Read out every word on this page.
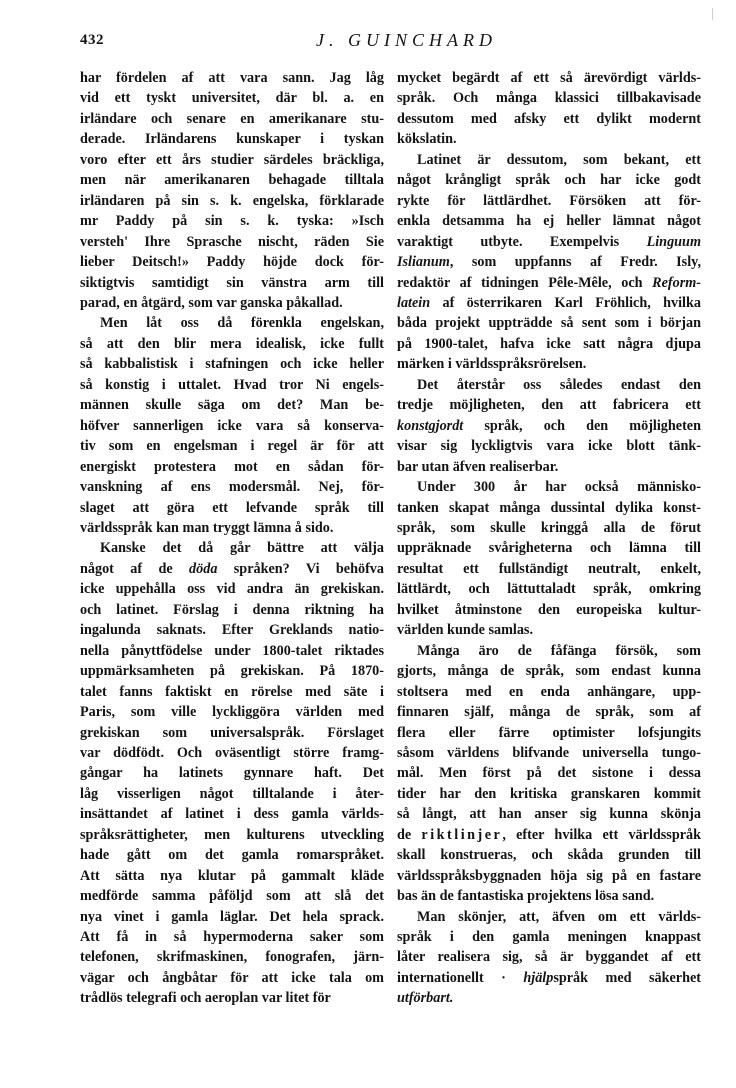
432	J. GUINCHARD

har fördelen af att vara sann. Jag låg
vid ett tyskt universitet, där bl. a. en
irländare och senare en amerikanare stu-
derade. Irländarens kunskaper i tyskan
voro efter ett års studier särdeles bräckliga,
men när amerikanaren behagade tilltala
irländaren på sin s. k. engelska, förklarade
mr Paddy på sin s. k. tyska: »Isch
versteh' Ihre Sprasche nischt, räden Sie
lieber Deitsch!» Paddy höjde dock för-
siktigtvis samtidigt sin vänstra arm till
parad, en åtgärd, som var ganska påkallad.

Men låt oss då förenkla engelskan,
så att den blir mera idealisk, icke fullt
så kabbalistisk i stafningen och icke heller
så konstig i uttalet. Hvad tror Ni engels-
männen skulle säga om det? Man be-
höfver sannerligen icke vara så konserva-
tiv som en engelsman i regel är för att
energiskt protestera mot en sådan för-
vanskning af ens modersmål. Nej, för-
slaget att göra ett lefvande språk till
världsspråk kan man tryggt lämna å sido.

Kanske det då går bättre att välja
något af de döda språken? Vi behöfva
icke uppehålla oss vid andra än grekiskan.
och latinet. Förslag i denna riktning ha
ingalunda saknats. Efter Greklands natio-
nella pånyttfödelse under 1800-talet riktades
uppmärksamheten på grekiskan. På 1870-
talet fanns faktiskt en rörelse med säte i
Paris, som ville lyckliggöra världen med
grekiskan som universalspråk. Förslaget
var dödfödt. Och oväsentligt större framg-
gångar ha latinets gynnare haft. Det
låg visserligen något tilltalande i åter-
insättandet af latinet i dess gamla världs-
språksrättigheter, men kulturens utveckling
hade gått om det gamla romarspråket.
Att sätta nya klutar på gammalt kläde
medförde samma påföljd som att slå det
nya vinet i gamla läglar. Det hela sprack.
Att få in så hypermoderna saker som
telefonen, skrifmaskinen, fonografen, järn-
vägar och ångbåtar för att icke tala om
trådlös telegrafi och aeroplan var litet för

mycket begärdt af ett så ärevördigt världs-
språk. Och många klassici tillbakavisade
dessutom med afsky ett dylikt modernt
kökslatin.

Latinet är dessutom, som bekant, ett
något krångligt språk och har icke godt
rykte för lättlärdhet. Försöken att för-
enkla detsamma ha ej heller lämnat något
varaktigt utbyte. Exempelvis Linguum
Islianum, som uppfanns af Fredr. Isly,
redaktör af tidningen Pêle-Mêle, och Reform-
latein af österrikaren Karl Fröhlich, hvilka
båda projekt uppträdde så sent som i början
på 1900-talet, hafva icke satt några djupa
märken i världsspråksrörelsen.

Det återstår oss således endast den
tredje möjligheten, den att fabricera ett
konstgjordt språk, och den möjligheten
visar sig lyckligtvis vara icke blott tänk-
bar utan äfven realiserbar.

Under 300 år har också människo-
tanken skapat många dussintal dylika konst-
språk, som skulle kringgå alla de förut
uppräknade svårigheterna och lämna till
resultat ett fullständigt neutralt, enkelt,
lättlärdt, och lättuttaladt språk, omkring
hvilket åtminstone den europeiska kultur-
världen kunde samlas.

Många äro de fåfänga försök, som
gjorts, många de språk, som endast kunna
stoltsera med en enda anhängare, upp-
finnaren själf, många de språk, som af
flera eller färre optimister lofsjungits
såsom världens blifvande universella tungo-
mål. Men först på det sistone i dessa
tider har den kritiska granskaren kommit
så långt, att han anser sig kunna skönja
de riktlinjer, efter hvilka ett världsspråk
skall konstrueras, och skåda grunden till
världsspråksbyggnaden höja sig på en fastare
bas än de fantastiska projektens lösa sand.

Man skönjer, att, äfven om ett världs-
språk i den gamla meningen knappast
låter realisera sig, så är byggandet af ett
internationellt · hjälpspråk med säkerhet
utförbart.
